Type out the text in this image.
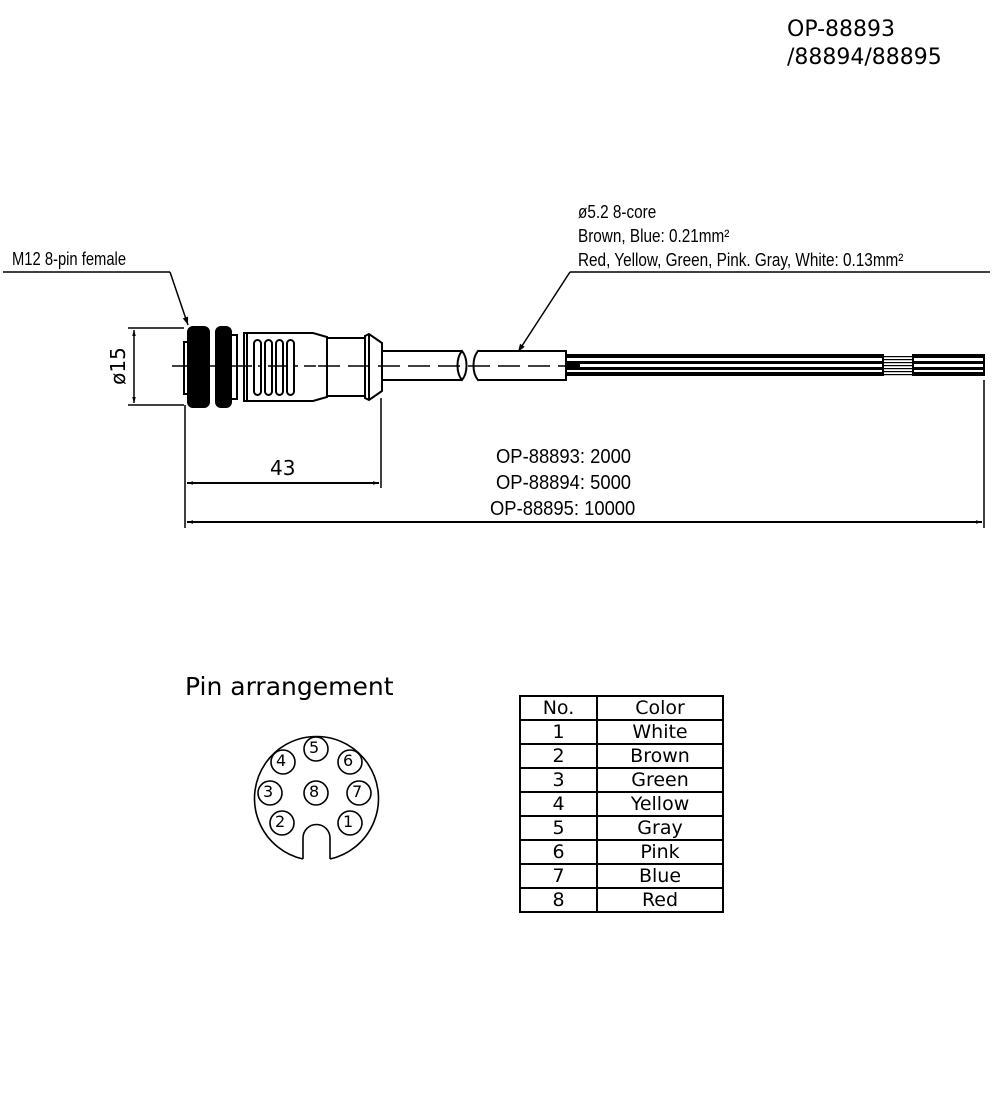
OP-88893
/88894/88895
M12 8-pin female
ø5.2 8-core
Brown, Blue: 0.21mm²
Red, Yellow, Green, Pink. Gray, White: 0.13mm²
ø15
43	OP-88893: 2000
OP-88894: 5000
OP-88895: 10000
Pin arrangement
5
4	6
3 8 7
2	1
No.	Color
1	White
2	Brown
3	Green
4	Yellow
5	Gray
6	Pink
7	Blue
8	Red
